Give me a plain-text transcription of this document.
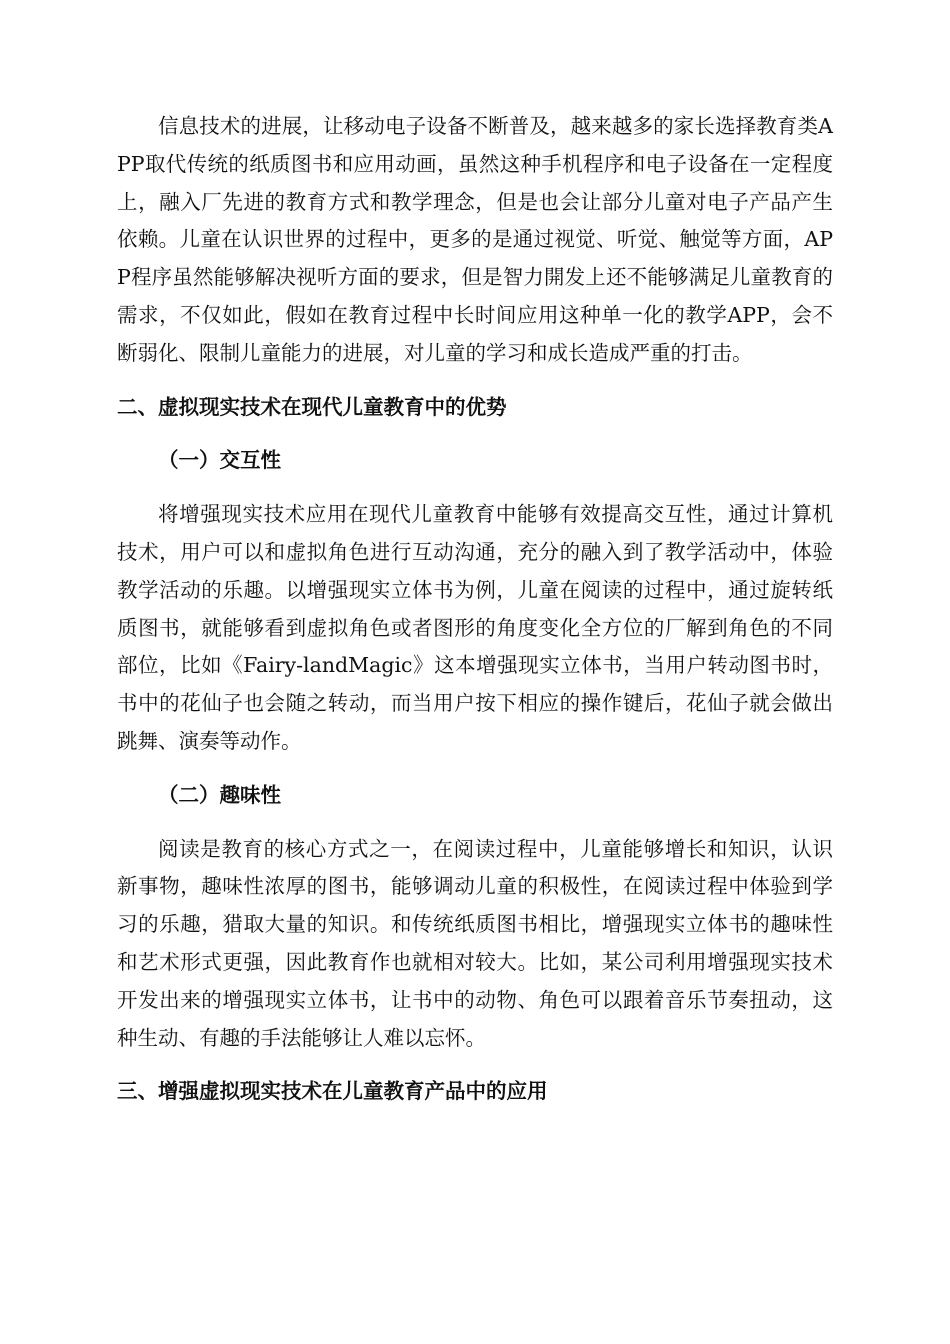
信息技术的进展，让移动电子设备不断普及，越来越多的家长选择教育类APP取代传统的纸质图书和应用动画，虽然这种手机程序和电子设备在一定程度上，融入厂先进的教育方式和教学理念，但是也会让部分儿童对电子产品产生依赖。儿童在认识世界的过程中，更多的是通过视觉、听觉、触觉等方面，APP程序虽然能够解决视听方面的要求，但是智力開发上还不能够满足儿童教育的需求，不仅如此，假如在教育过程中长时间应用这种单一化的教学APP，会不断弱化、限制儿童能力的进展，对儿童的学习和成长造成严重的打击。

二、虚拟现实技术在现代儿童教育中的优势
（一）交互性

将增强现实技术应用在现代儿童教育中能够有效提高交互性，通过计算机技术，用户可以和虚拟角色进行互动沟通，充分的融入到了教学活动中，体验教学活动的乐趣。以增强现实立体书为例，儿童在阅读的过程中，通过旋转纸质图书，就能够看到虚拟角色或者图形的角度变化全方位的厂解到角色的不同部位，比如《Fairy-landMagic》这本增强现实立体书，当用户转动图书时，书中的花仙子也会随之转动，而当用户按下相应的操作键后，花仙子就会做出跳舞、演奏等动作。

（二）趣味性

阅读是教育的核心方式之一，在阅读过程中，儿童能够增长和知识，认识新事物，趣味性浓厚的图书，能够调动儿童的积极性，在阅读过程中体验到学习的乐趣，猎取大量的知识。和传统纸质图书相比，增强现实立体书的趣味性和艺术形式更强，因此教育作也就相对较大。比如，某公司利用增强现实技术开发出来的增强现实立体书，让书中的动物、角色可以跟着音乐节奏扭动，这种生动、有趣的手法能够让人难以忘怀。

三、增强虚拟现实技术在儿童教育产品中的应用
